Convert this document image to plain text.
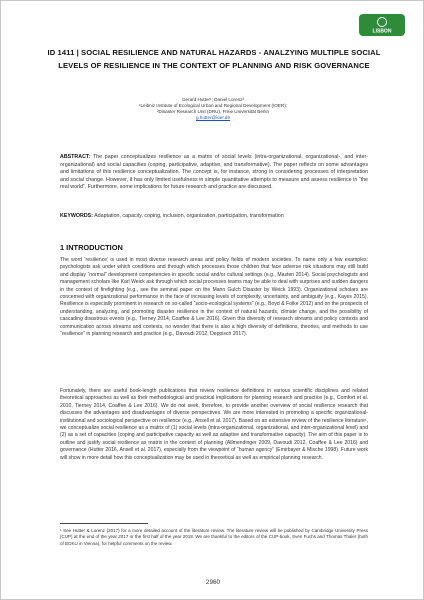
LISBON
ID 1411 | SOCIAL RESILIENCE AND NATURAL HAZARDS - ANALZYING MULTIPLE SOCIAL LEVELS OF RESILIENCE IN THE CONTEXT OF PLANNING AND RISK GOVERNANCE
Gerard Hutter¹; Daniel Lorenz²
¹Leibniz Institute of Ecological Urban and Regional Development (IOER);
²Disaster Research Unit (DRU), Freie Universität Berlin
g.hutter@ioer.de
ABSTRACT: The paper conceptualizes resilience as a matrix of social levels (intra-organizational, organizational-, and inter-organizational) and social capacities (coping, participative, adaptive, and transformative). The paper reflects on some advantages and limitations of this resilience conceptualization. The concept is, for instance, strong in considering processes of interpretation and social change. However, it has only limited usefulness in simple quantitative attempts to measure and assess resilience in “the real world”. Furthermore, some implications for future research and practice are discussed.
KEYWORDS: Adaptation, capacity, coping, inclusion, organization, participation, transformation
1 INTRODUCTION
The word ‘resilience’ is used in most diverse research areas and policy fields of modern societies. To name only a few examples: psychologists ask under which conditions and through which processes those children that face adverse risk situations may still build and display “normal” development competencies in specific social and/or cultural settings (e.g., Masten 2014). Social psychologists and management scholars like Karl Weick ask through which social processes teams may be able to deal with surprises and sudden dangers in the context of firefighting (e.g., see the seminal paper on the Mann Gulch Disaster by Weick 1993). Organizational scholars are concerned with organizational performance in the face of increasing levels of complexity, uncertainty, and ambiguity (e.g., Kayes 2015). Resilience is especially prominent in research on so-called “socio-ecological systems” (e.g., Boyd & Folke 2012) and on the prospects of understanding, analyzing, and promoting disaster resilience in the context of natural hazards, climate change, and the possibility of cascading disastrous events (e.g., Tierney 2014, Coaffee & Lee 2016). Given this diversity of research streams and policy contexts and communication across streams and contexts, no wonder that there is also a high diversity of definitions, theories, and methods to use “resilience” in planning research and practice (e.g., Davoudi 2012, Deppisch 2017).
Fortunately, there are useful book-length publications that review resilience definitions in various scientific disciplines and related theoretical approaches as well as their methodological and practical implications for planning research and practice (e.g., Comfort et al. 2010, Tierney 2014, Coaffee & Lee 2016). We do not seek, therefore, to provide another overview of social resilience research that discusses the advantages and disadvantages of diverse perspectives. We are more interested in promoting a specific organizational-institutional and sociological perspective on resilience (e.g., Ansell et al. 2017). Based on an extensive review of the resilience literature¹, we conceptualize social resilience as a matrix of (1) social levels (intra-organizational, organizational, and inter-organizational level) and (2) as a set of capacities (coping and participative capacity as well as adaptive and transformative capacity). The aim of this paper is to outline and justify social resilience as matrix in the context of planning (Allmendinger 2009, Davoudi 2012, Coaffee & Lee 2016) and governance (Hutter 2016, Ansell et al. 2017), especially from the viewpoint of “human agency” (Emirbayer & Mische 1998). Future work will show in more detail how this conceptualization may be used in theoretical as well as empirical planning research.
¹ See Hutter & Lorenz (2017) for a more detailed account of the literature review. The literature review will be published by Cambridge University Press (CUP) at the end of the year 2017 or the first half of the year 2018. We are thankful to the editors of the CUP-book, Sven Fuchs and Thomas Thaler (both of BOKU in Vienna), for helpful comments on the review.
2960
